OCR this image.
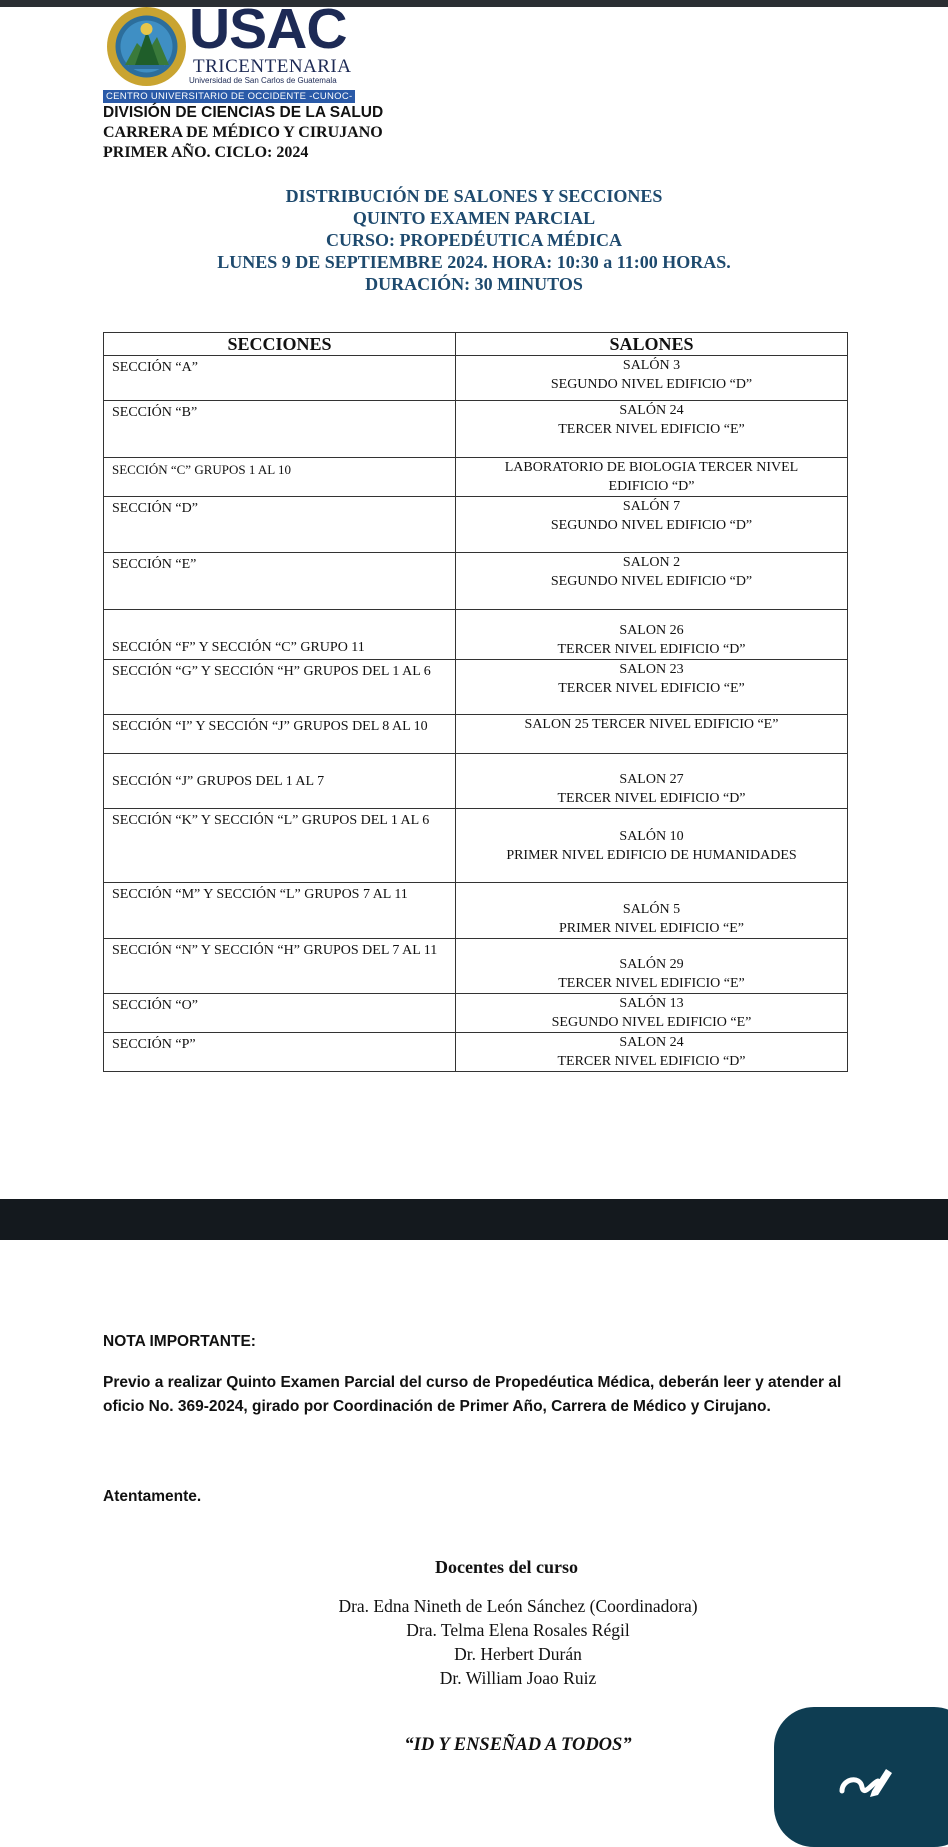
USAC
TRICENTENARIA
Universidad de San Carlos de Guatemala
CENTRO UNIVERSITARIO DE OCCIDENTE -CUNOC-
DIVISIÓN DE CIENCIAS DE LA SALUD
CARRERA DE MÉDICO Y CIRUJANO
PRIMER AÑO. CICLO: 2024
DISTRIBUCIÓN DE SALONES Y SECCIONES
QUINTO EXAMEN PARCIAL
CURSO: PROPEDÉUTICA MÉDICA
LUNES 9 DE SEPTIEMBRE 2024. HORA: 10:30 a 11:00 HORAS.
DURACIÓN: 30 MINUTOS
SECCIONES	SALONES
SECCIÓN “A”	SALÓN 3
SEGUNDO NIVEL EDIFICIO “D”

SECCIÓN “B”	SALÓN 24
TERCER NIVEL EDIFICIO “E”

SECCIÓN “C” GRUPOS 1 AL 10	LABORATORIO DE BIOLOGIA TERCER NIVEL
EDIFICIO “D”

SECCIÓN “D”	SALÓN 7
SEGUNDO NIVEL EDIFICIO “D”

SECCIÓN “E”	SALON 2
SEGUNDO NIVEL EDIFICIO “D”

SECCIÓN “F” Y SECCIÓN “C” GRUPO 11	SALON 26
TERCER NIVEL EDIFICIO “D”

SECCIÓN “G” Y SECCIÓN “H” GRUPOS DEL 1 AL 6	SALON 23
TERCER NIVEL EDIFICIO “E”

SECCIÓN “I” Y SECCIÓN “J” GRUPOS DEL 8 AL 10	SALON 25 TERCER NIVEL EDIFICIO “E”

SECCIÓN “J” GRUPOS DEL 1 AL 7	SALON 27
TERCER NIVEL EDIFICIO “D”

SECCIÓN “K” Y SECCIÓN “L” GRUPOS DEL 1 AL 6	SALÓN 10
PRIMER NIVEL EDIFICIO DE HUMANIDADES

SECCIÓN “M” Y SECCIÓN “L” GRUPOS 7 AL 11	SALÓN 5
PRIMER NIVEL EDIFICIO “E”

SECCIÓN “N” Y SECCIÓN “H” GRUPOS DEL 7 AL 11	SALÓN 29
TERCER NIVEL EDIFICIO “E”

SECCIÓN “O”	SALÓN 13
SEGUNDO NIVEL EDIFICIO “E”

SECCIÓN “P”	SALON 24
TERCER NIVEL EDIFICIO “D”
NOTA IMPORTANTE:
Previo a realizar Quinto Examen Parcial del curso de Propedéutica Médica, deberán leer y atender al oficio No. 369-2024, girado por Coordinación de Primer Año, Carrera de Médico y Cirujano.
Atentamente.
Docentes del curso
Dra. Edna Nineth de León Sánchez (Coordinadora)
Dra. Telma Elena Rosales Régil
Dr. Herbert Durán
Dr. William Joao Ruiz
“ID Y ENSEÑAD A TODOS”
